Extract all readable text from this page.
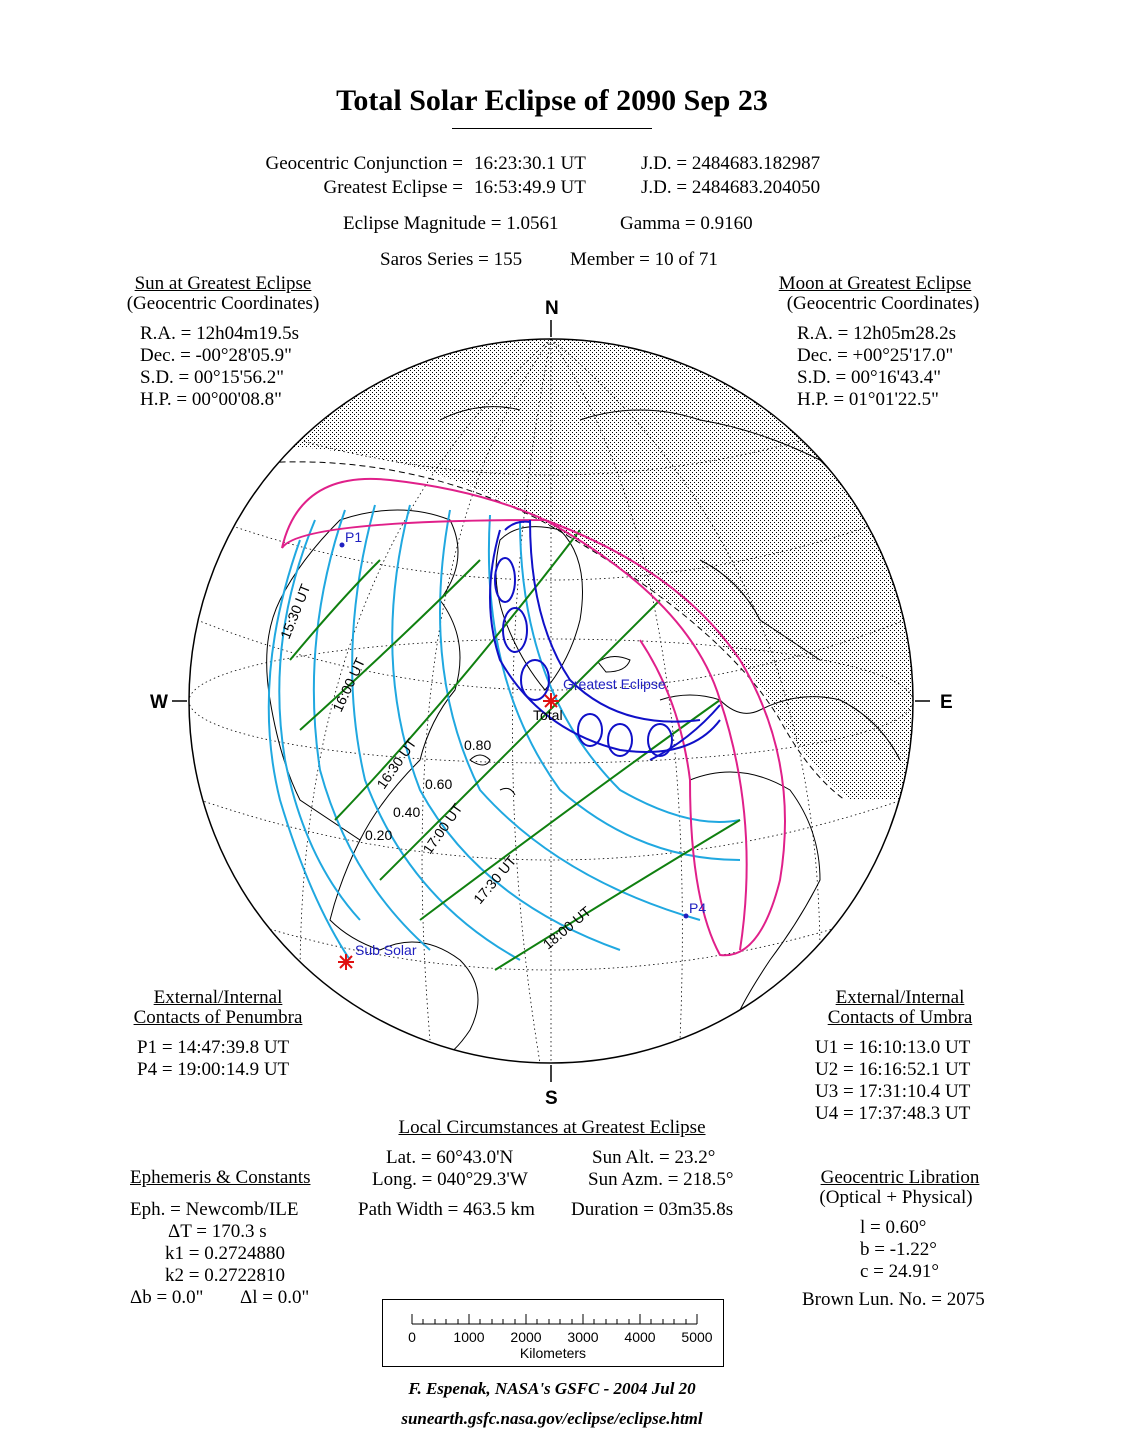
Total Solar Eclipse of 2090 Sep 23
Geocentric Conjunction = 16:23:30.1 UT	J.D. = 2484683.182987
Greatest Eclipse = 16:53:49.9 UT	J.D. = 2484683.204050
Eclipse Magnitude = 1.0561	Gamma = 0.9160
Saros Series = 155	Member = 10 of 71
Sun at Greatest Eclipse
(Geocentric Coordinates)
R.A. = 12h04m19.5s
Dec. = -00°28'05.9"
S.D. = 00°15'56.2"
H.P. = 00°00'08.8"
Moon at Greatest Eclipse
(Geocentric Coordinates)
R.A. = 12h05m28.2s
Dec. = +00°25'17.0"
S.D. = 00°16'43.4"
H.P. = 01°01'22.5"
N
S
W	E
Greatest Eclipse
Sub Solar
P1
P4
Total
15:30 UT
16:00 UT
16:30 UT
17:00 UT
17:30 UT
18:00 UT
0.20
0.40
0.60
0.80
External/Internal
Contacts of Penumbra
P1 = 14:47:39.8 UT
P4 = 19:00:14.9 UT
External/Internal
Contacts of Umbra
U1 = 16:10:13.0 UT
U2 = 16:16:52.1 UT
U3 = 17:31:10.4 UT
U4 = 17:37:48.3 UT
Local Circumstances at Greatest Eclipse
Lat. = 60°43.0'N
Long. = 040°29.3'W
Sun Alt. = 23.2°
Sun Azm. = 218.5°
Path Width = 463.5 km Duration = 03m35.8s
Ephemeris & Constants
Eph. = Newcomb/ILE
ΔT = 170.3 s
k1 = 0.2724880
k2 = 0.2722810
Δb = 0.0" Δl = 0.0"
Geocentric Libration
(Optical + Physical)
l = 0.60°
b = -1.22°
c = 24.91°
Brown Lun. No. = 2075
0	1000 2000 3000 4000 5000
Kilometers
F. Espenak, NASA's GSFC - 2004 Jul 20
sunearth.gsfc.nasa.gov/eclipse/eclipse.html
